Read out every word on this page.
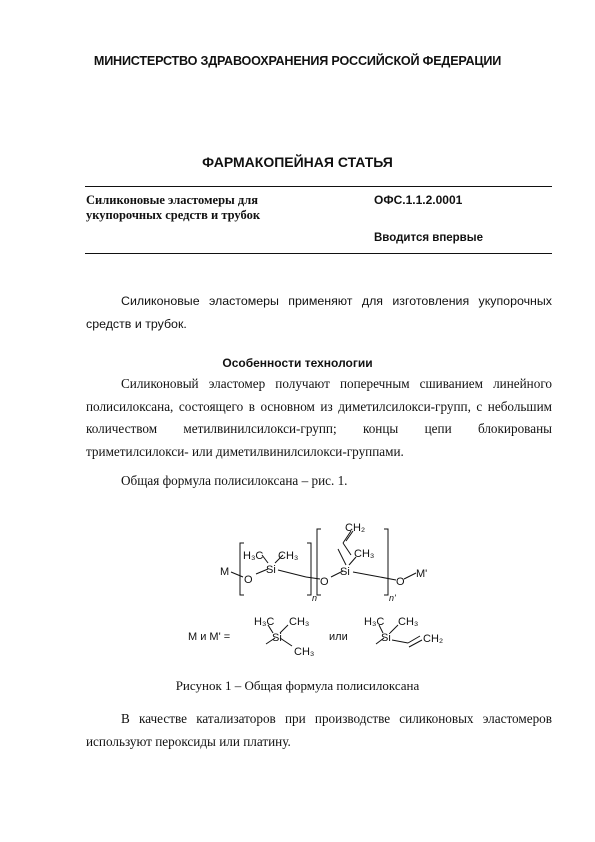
МИНИСТЕРСТВО ЗДРАВООХРАНЕНИЯ РОССИЙСКОЙ ФЕДЕРАЦИИ
ФАРМАКОПЕЙНАЯ СТАТЬЯ
Силиконовые эластомеры для
укупорочных средств и трубок
ОФС.1.1.2.0001
Вводится впервые
Силиконовые эластомеры применяют для изготовления укупорочных средств и трубок.
Особенности технологии
Силиконовый эластомер получают поперечным сшиванием линейного полисилоксана, состоящего в основном из диметилсилокси-групп, с небольшим количеством метилвинилсилокси-групп; концы цепи блокированы триметилсилокси- или диметилвинилсилокси-группами.
Общая формула полисилоксана – рис. 1.
M
O
H₃C CH₃
Si
n
O
CH₂
CH₃
Si
n'
O
M'
M и M' =
H₃C CH₃
Si
CH₃
или
H₃C CH₃
Si	CH₂
Рисунок 1 – Общая формула полисилоксана
В качестве катализаторов при производстве силиконовых эластомеров используют пероксиды или платину.
